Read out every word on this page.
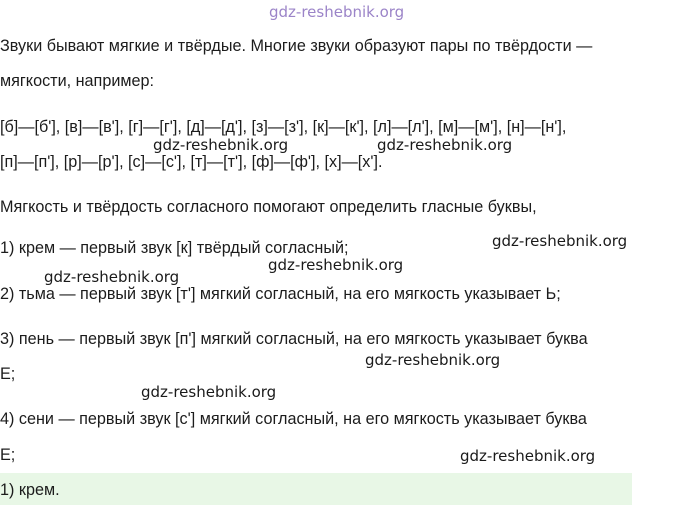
gdz-reshebnik.org

Звуки бывают мягкие и твёрдые. Многие звуки образуют пары по твёрдости —

мягкости, например:

[б]—[б'], [в]—[в'], [г]—[г'], [д]—[д'], [з]—[з'], [к]—[к'], [л]—[л'], [м]—[м'], [н]—[н'],

gdz-reshebnik.org	gdz-reshebnik.org

[п]—[п'], [р]—[р'], [с]—[с'], [т]—[т'], [ф]—[ф'], [х]—[х'].

Мягкость и твёрдость согласного помогают определить гласные буквы,

gdz-reshebnik.org

1) крем — первый звук [к] твёрдый согласный;

gdz-reshebnik.org
gdz-reshebnik.org

2) тьма — первый звук [т'] мягкий согласный, на его мягкость указывает Ь;

3) пень — первый звук [п'] мягкий согласный, на его мягкость указывает буква

gdz-reshebnik.org

Е;

gdz-reshebnik.org

4) сени — первый звук [с'] мягкий согласный, на его мягкость указывает буква

Е;	gdz-reshebnik.org
1) крем.
